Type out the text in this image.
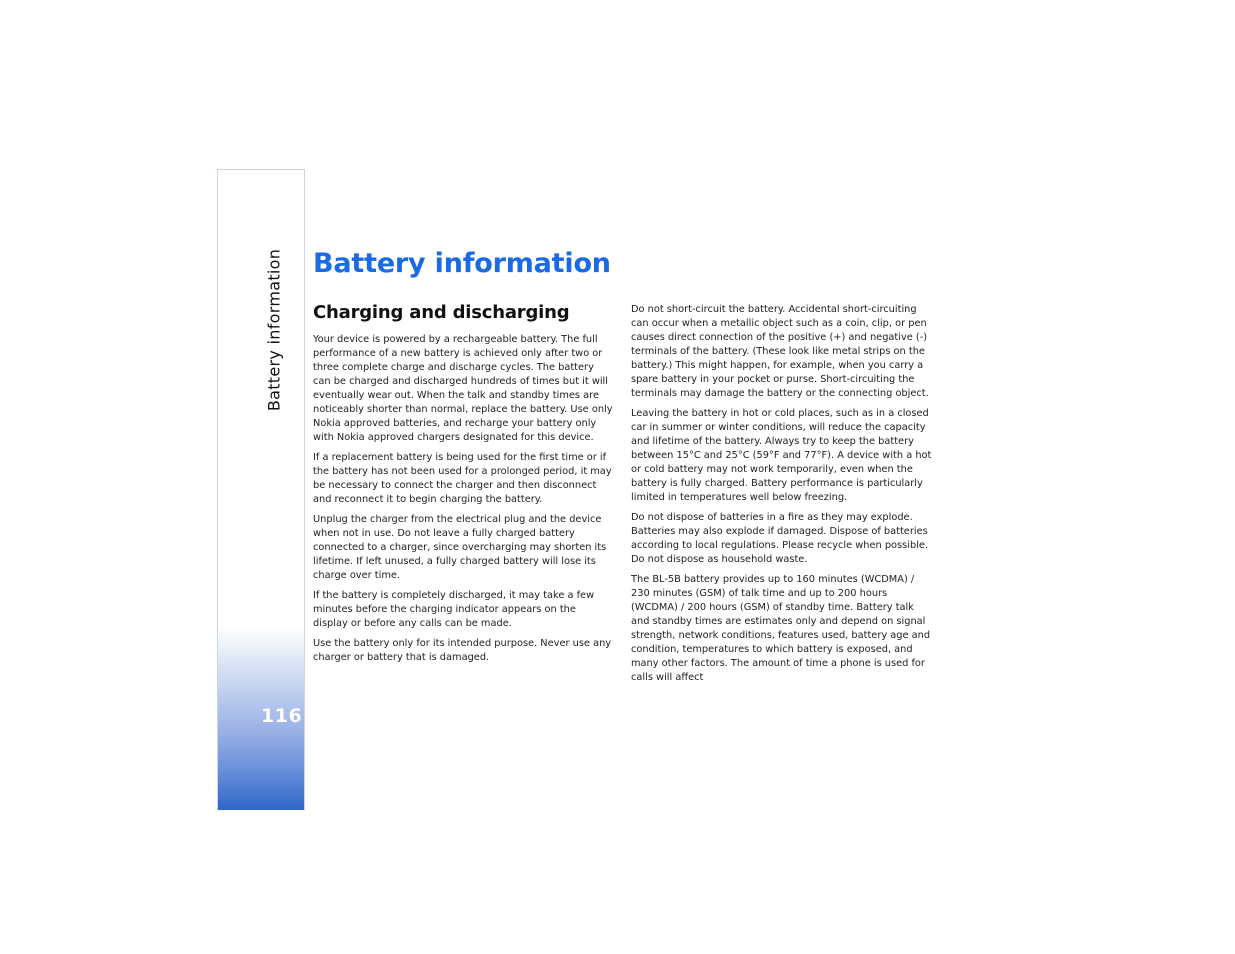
Battery information
116
Battery information
Charging and discharging

Your device is powered by a rechargeable battery. The full performance of a new battery is achieved only after two or three complete charge and discharge cycles. The battery can be charged and discharged hundreds of times but it will eventually wear out. When the talk and standby times are noticeably shorter than normal, replace the battery. Use only Nokia approved batteries, and recharge your battery only with Nokia approved chargers designated for this device.

If a replacement battery is being used for the first time or if the battery has not been used for a prolonged period, it may be necessary to connect the charger and then disconnect and reconnect it to begin charging the battery.

Unplug the charger from the electrical plug and the device when not in use. Do not leave a fully charged battery connected to a charger, since overcharging may shorten its lifetime. If left unused, a fully charged battery will lose its charge over time.

If the battery is completely discharged, it may take a few minutes before the charging indicator appears on the display or before any calls can be made.

Use the battery only for its intended purpose. Never use any charger or battery that is damaged.

Do not short-circuit the battery. Accidental short-circuiting can occur when a metallic object such as a coin, clip, or pen causes direct connection of the positive (+) and negative (-) terminals of the battery. (These look like metal strips on the battery.) This might happen, for example, when you carry a spare battery in your pocket or purse. Short-circuiting the terminals may damage the battery or the connecting object.

Leaving the battery in hot or cold places, such as in a closed car in summer or winter conditions, will reduce the capacity and lifetime of the battery. Always try to keep the battery between 15°C and 25°C (59°F and 77°F). A device with a hot or cold battery may not work temporarily, even when the battery is fully charged. Battery performance is particularly limited in temperatures well below freezing.

Do not dispose of batteries in a fire as they may explode. Batteries may also explode if damaged. Dispose of batteries according to local regulations. Please recycle when possible. Do not dispose as household waste.

The BL-5B battery provides up to 160 minutes (WCDMA) / 230 minutes (GSM) of talk time and up to 200 hours (WCDMA) / 200 hours (GSM) of standby time. Battery talk and standby times are estimates only and depend on signal strength, network conditions, features used, battery age and condition, temperatures to which battery is exposed, and many other factors. The amount of time a phone is used for calls will affect
